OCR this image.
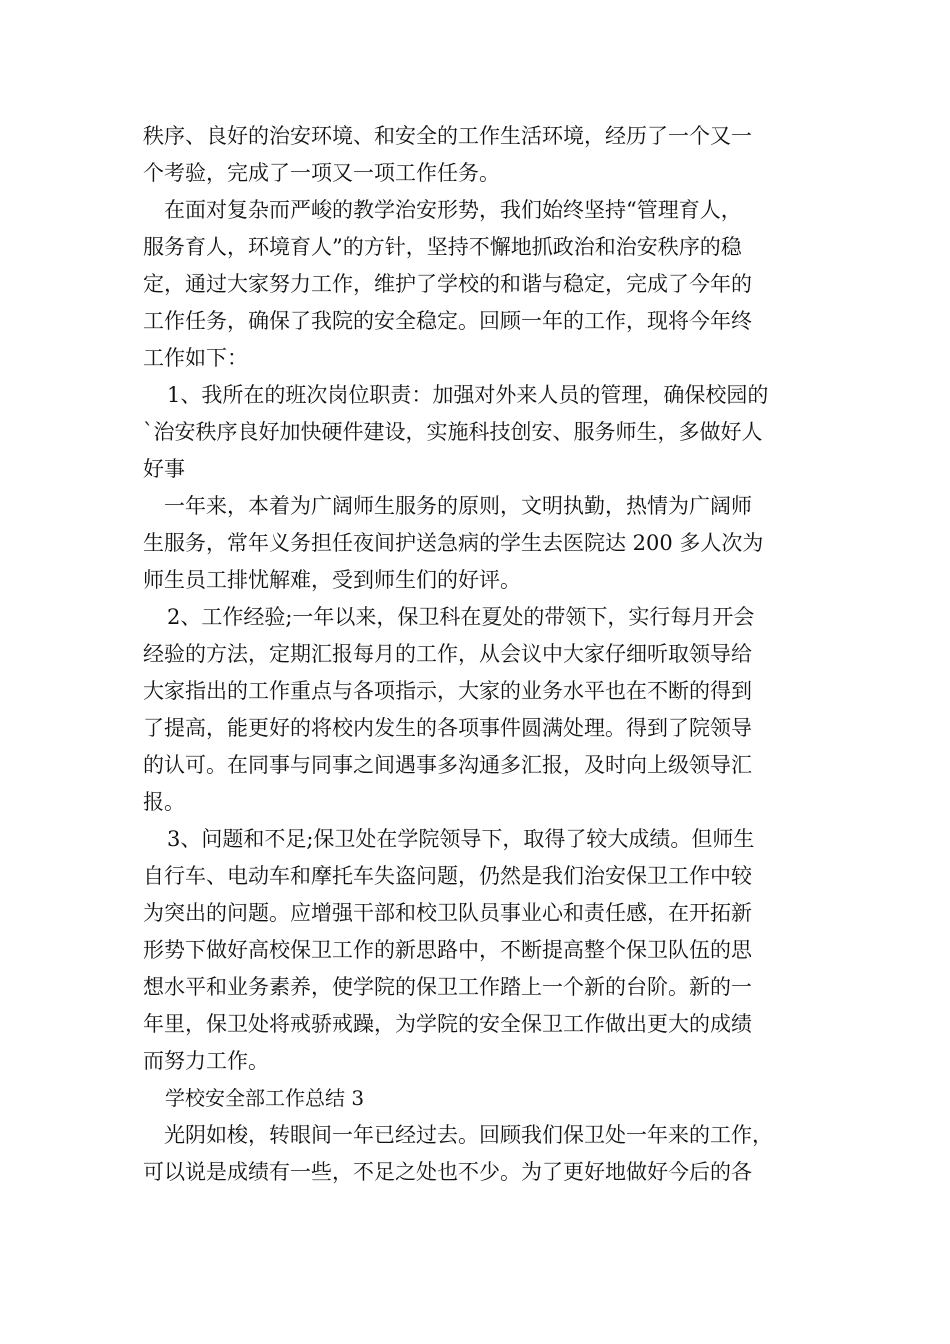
秩序、良好的治安环境、和安全的工作生活环境，经历了一个又一
个考验，完成了一项又一项工作任务。
在面对复杂而严峻的教学治安形势，我们始终坚持“管理育人，
服务育人，环境育人”的方针，坚持不懈地抓政治和治安秩序的稳
定，通过大家努力工作，维护了学校的和谐与稳定，完成了今年的
工作任务，确保了我院的安全稳定。回顾一年的工作，现将今年终
工作如下：
1、我所在的班次岗位职责：加强对外来人员的管理，确保校园的
`治安秩序良好加快硬件建设，实施科技创安、服务师生，多做好人
好事
一年来，本着为广阔师生服务的原则，文明执勤，热情为广阔师
生服务，常年义务担任夜间护送急病的学生去医院达 200 多人次为
师生员工排忧解难，受到师生们的好评。
2、工作经验;一年以来，保卫科在夏处的带领下，实行每月开会
经验的方法，定期汇报每月的工作，从会议中大家仔细听取领导给
大家指出的工作重点与各项指示，大家的业务水平也在不断的得到
了提高，能更好的将校内发生的各项事件圆满处理。得到了院领导
的认可。在同事与同事之间遇事多沟通多汇报，及时向上级领导汇
报。
3、问题和不足;保卫处在学院领导下，取得了较大成绩。但师生
自行车、电动车和摩托车失盗问题，仍然是我们治安保卫工作中较
为突出的问题。应增强干部和校卫队员事业心和责任感，在开拓新
形势下做好高校保卫工作的新思路中，不断提高整个保卫队伍的思
想水平和业务素养，使学院的保卫工作踏上一个新的台阶。新的一
年里，保卫处将戒骄戒躁，为学院的安全保卫工作做出更大的成绩
而努力工作。
学校安全部工作总结 3
光阴如梭，转眼间一年已经过去。回顾我们保卫处一年来的工作，
可以说是成绩有一些，不足之处也不少。为了更好地做好今后的各
